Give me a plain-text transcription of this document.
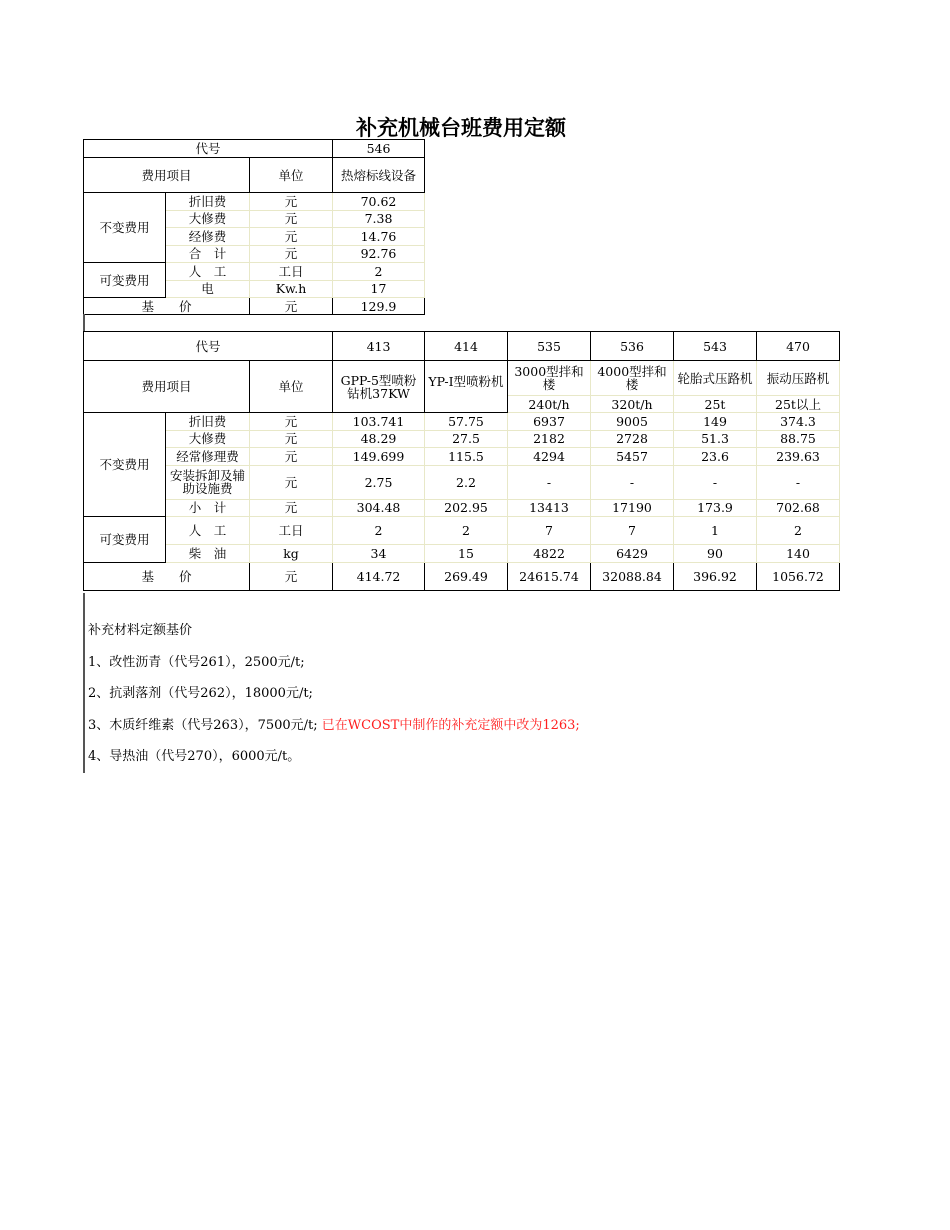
补充机械台班费用定额
代号			546
费用项目		单位	热熔标线设备
不变费用	折旧费	元	70.62
	大修费	元	7.38
	经修费	元	14.76
	合　计	元	92.76
可变费用	人　工	工日	2
	电	Kw.h	17
基　　价		元	129.9
代号			413	414	535	536	543	470
费用项目		单位	GPP-5型喷粉钻机37KW	YP-I型喷粉机	3000型拌和楼	4000型拌和楼	轮胎式压路机	振动压路机
					240t/h	320t/h	25t	25t以上
不变费用	折旧费	元	103.741	57.75	6937	9005	149	374.3
	大修费	元	48.29	27.5	2182	2728	51.3	88.75
	经常修理费	元	149.699	115.5	4294	5457	23.6	239.63
	安装拆卸及辅助设施费	元	2.75	2.2	-	-	-	-
	小　计	元	304.48	202.95	13413	17190	173.9	702.68
可变费用	人　工	工日	2	2	7	7	1	2
	柴　油	kg	34	15	4822	6429	90	140
基　　价		元	414.72	269.49	24615.74	32088.84	396.92	1056.72
补充材料定额基价
1、改性沥青（代号261），2500元/t;
2、抗剥落剂（代号262），18000元/t;
3、木质纤维素（代号263），7500元/t; 已在WCOST中制作的补充定额中改为1263;
4、导热油（代号270），6000元/t。
